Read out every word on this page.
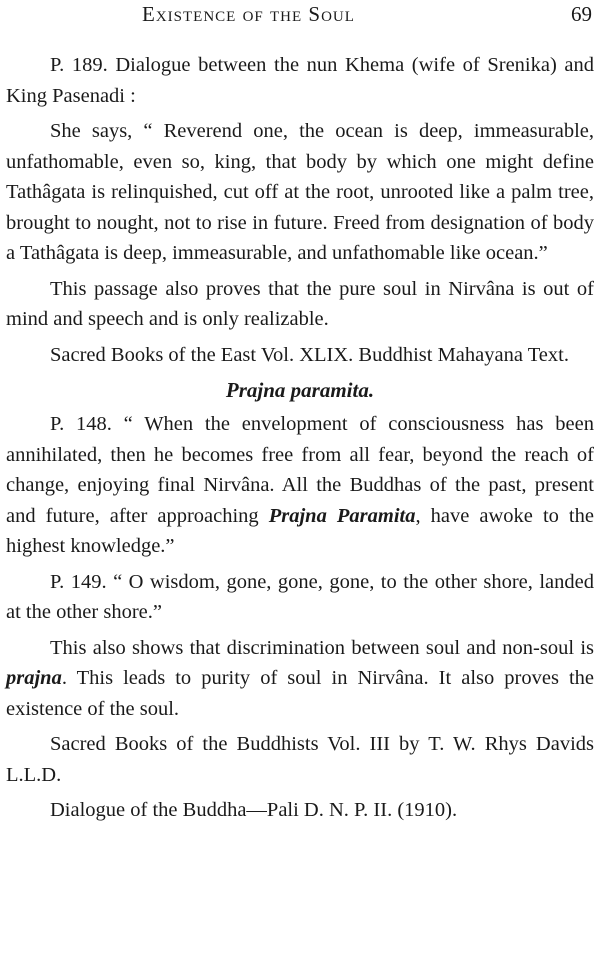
Existence of the Soul	69

P. 189. Dialogue between the nun Khema (wife of Srenika) and King Pasenadi :

She says, “ Reverend one, the ocean is deep, immeasurable, unfathomable, even so, king, that body by which one might define Tathâgata is relinquished, cut off at the root, unrooted like a palm tree, brought to nought, not to rise in future. Freed from designation of body a Tathâgata is deep, immeasurable, and unfathomable like ocean.”

This passage also proves that the pure soul in Nirvâna is out of mind and speech and is only realizable.

Sacred Books of the East Vol. XLIX. Buddhist Mahayana Text.

Prajna paramita.

P. 148. “ When the envelopment of consciousness has been annihilated, then he becomes free from all fear, beyond the reach of change, enjoying final Nirvâna. All the Buddhas of the past, present and future, after approaching Prajna Paramita, have awoke to the highest knowledge.”

P. 149. “ O wisdom, gone, gone, gone, to the other shore, landed at the other shore.”

This also shows that discrimination between soul and non-soul is prajna. This leads to purity of soul in Nirvâna. It also proves the existence of the soul.

Sacred Books of the Buddhists Vol. III by T. W. Rhys Davids L.L.D.

Dialogue of the Buddha—Pali D. N. P. II. (1910).
